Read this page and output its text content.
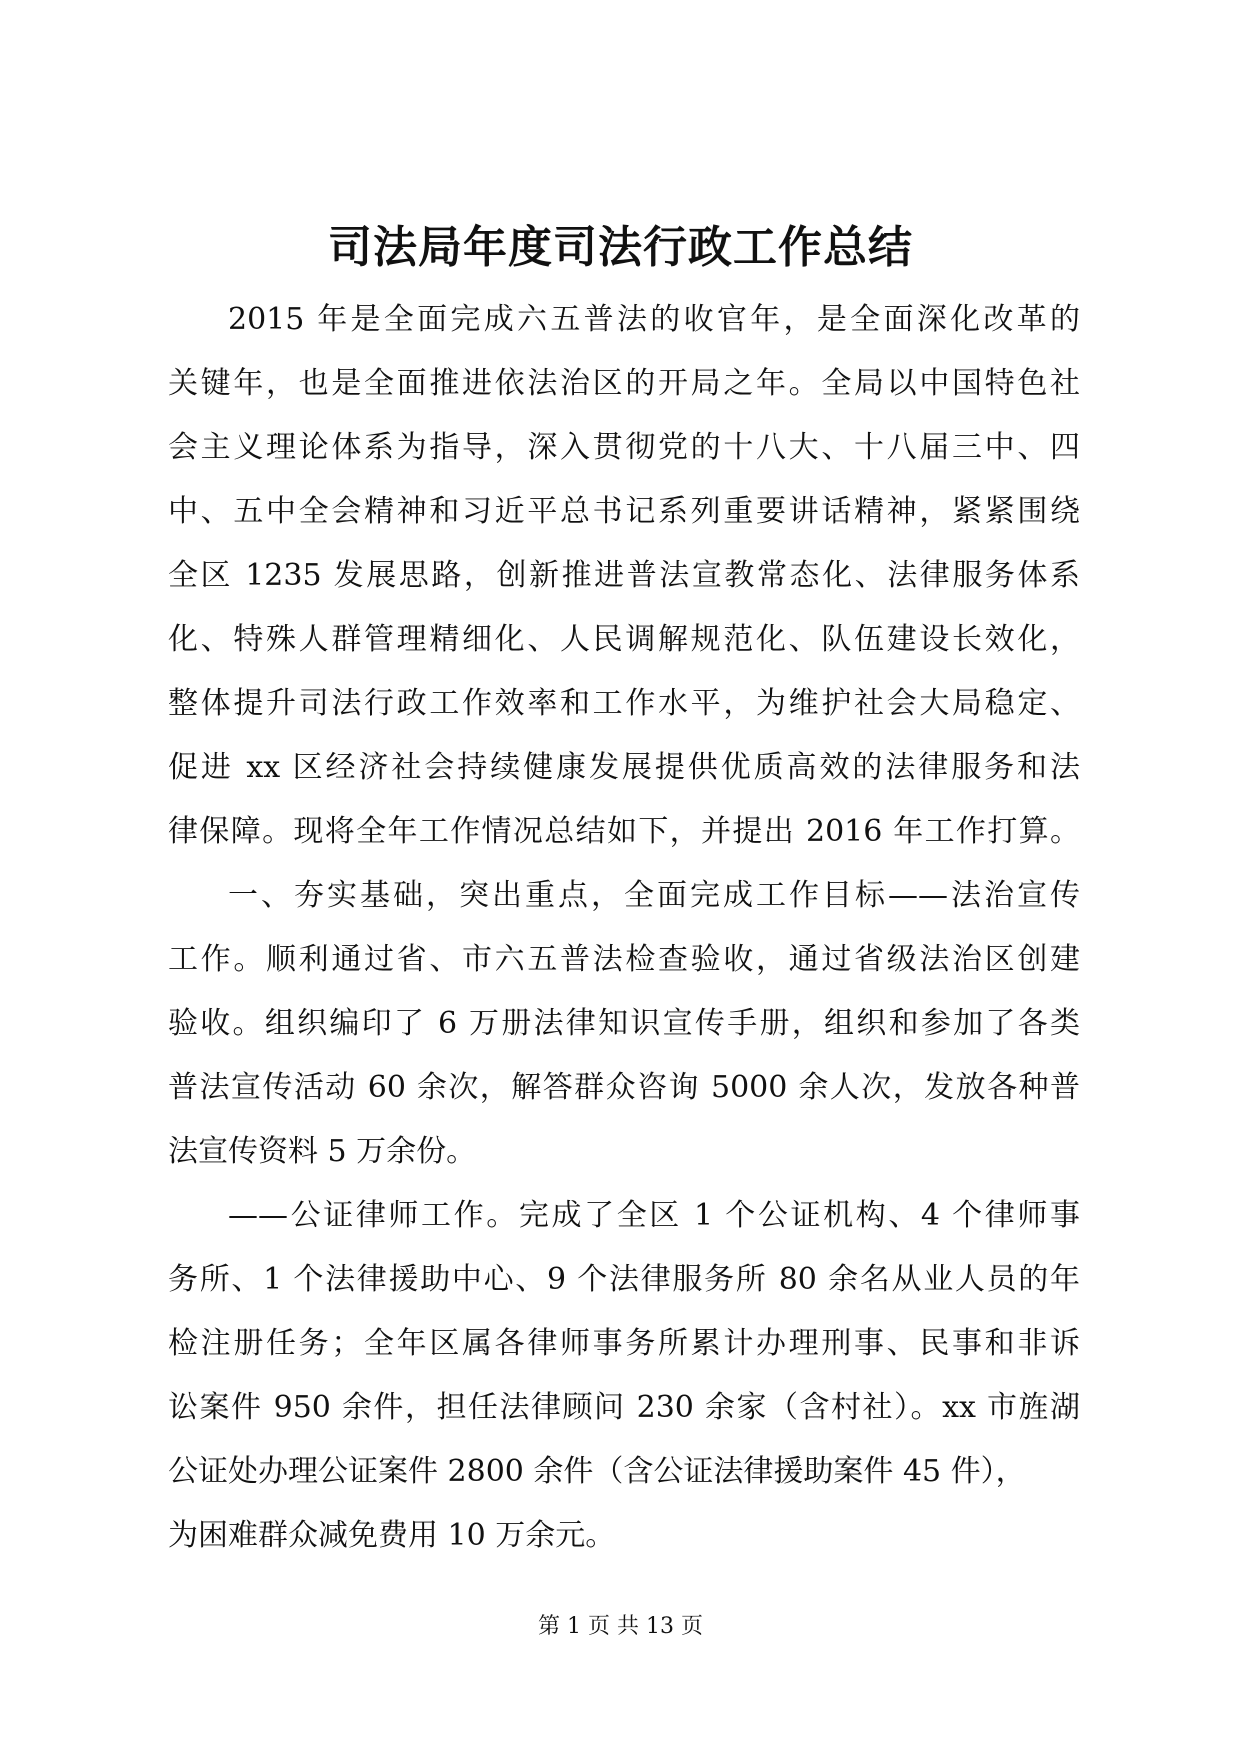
司法局年度司法行政工作总结
2015 年是全面完成六五普法的收官年，是全面深化改革的
关键年，也是全面推进依法治区的开局之年。全局以中国特色社
会主义理论体系为指导，深入贯彻党的十八大、十八届三中、四
中、五中全会精神和习近平总书记系列重要讲话精神，紧紧围绕
全区 1235 发展思路，创新推进普法宣教常态化、法律服务体系
化、特殊人群管理精细化、人民调解规范化、队伍建设长效化，
整体提升司法行政工作效率和工作水平，为维护社会大局稳定、
促进 xx 区经济社会持续健康发展提供优质高效的法律服务和法
律保障。现将全年工作情况总结如下，并提出 2016 年工作打算。
一、夯实基础，突出重点，全面完成工作目标——法治宣传
工作。顺利通过省、市六五普法检查验收，通过省级法治区创建
验收。组织编印了 6 万册法律知识宣传手册，组织和参加了各类
普法宣传活动 60 余次，解答群众咨询 5000 余人次，发放各种普
法宣传资料 5 万余份。
——公证律师工作。完成了全区 1 个公证机构、4 个律师事
务所、1 个法律援助中心、9 个法律服务所 80 余名从业人员的年
检注册任务；全年区属各律师事务所累计办理刑事、民事和非诉
讼案件 950 余件，担任法律顾问 230 余家（含村社）。xx 市旌湖
公证处办理公证案件 2800 余件（含公证法律援助案件 45 件），
为困难群众减免费用 10 万余元。
第 1 页 共 13 页
